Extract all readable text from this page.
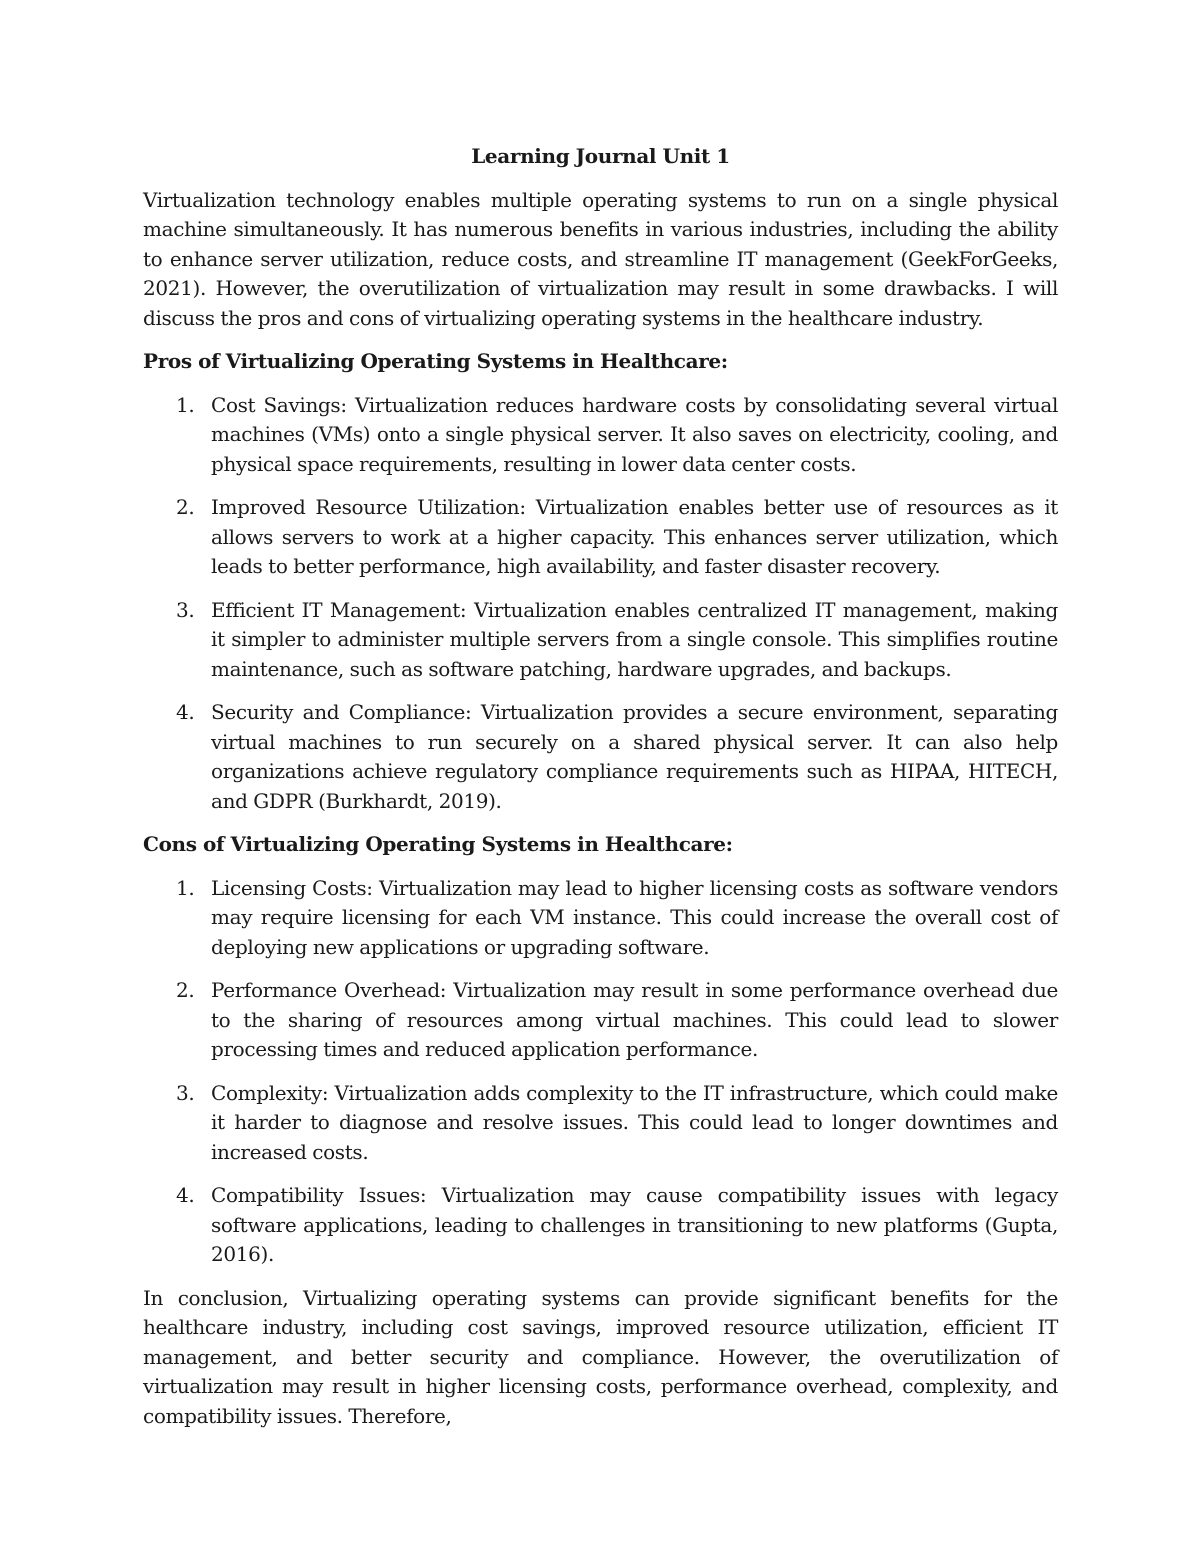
Learning Journal Unit 1

Virtualization technology enables multiple operating systems to run on a single physical machine simultaneously. It has numerous benefits in various industries, including the ability to enhance server utilization, reduce costs, and streamline IT management (GeekForGeeks, 2021). However, the overutilization of virtualization may result in some drawbacks. I will discuss the pros and cons of virtualizing operating systems in the healthcare industry.

Pros of Virtualizing Operating Systems in Healthcare:
1. Cost Savings: Virtualization reduces hardware costs by consolidating several virtual machines (VMs) onto a single physical server. It also saves on electricity, cooling, and physical space requirements, resulting in lower data center costs.
2. Improved Resource Utilization: Virtualization enables better use of resources as it allows servers to work at a higher capacity. This enhances server utilization, which leads to better performance, high availability, and faster disaster recovery.
3. Efficient IT Management: Virtualization enables centralized IT management, making it simpler to administer multiple servers from a single console. This simplifies routine maintenance, such as software patching, hardware upgrades, and backups.
4. Security and Compliance: Virtualization provides a secure environment, separating virtual machines to run securely on a shared physical server. It can also help organizations achieve regulatory compliance requirements such as HIPAA, HITECH, and GDPR (Burkhardt, 2019).
Cons of Virtualizing Operating Systems in Healthcare:
1. Licensing Costs: Virtualization may lead to higher licensing costs as software vendors may require licensing for each VM instance. This could increase the overall cost of deploying new applications or upgrading software.
2. Performance Overhead: Virtualization may result in some performance overhead due to the sharing of resources among virtual machines. This could lead to slower processing times and reduced application performance.
3. Complexity: Virtualization adds complexity to the IT infrastructure, which could make it harder to diagnose and resolve issues. This could lead to longer downtimes and increased costs.
4. Compatibility Issues: Virtualization may cause compatibility issues with legacy software applications, leading to challenges in transitioning to new platforms (Gupta, 2016).

In conclusion, Virtualizing operating systems can provide significant benefits for the healthcare industry, including cost savings, improved resource utilization, efficient IT management, and better security and compliance. However, the overutilization of virtualization may result in higher licensing costs, performance overhead, complexity, and compatibility issues. Therefore,
